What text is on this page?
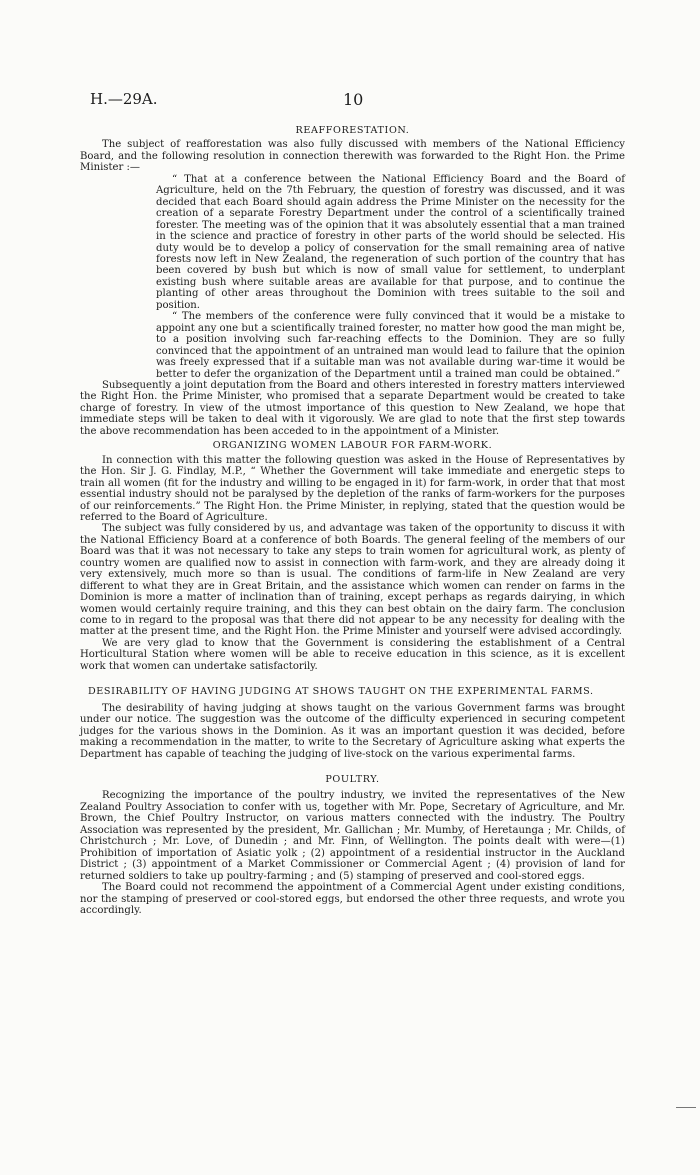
H.—29A.	10
REAFFORESTATION.

The subject of reafforestation was also fully discussed with members of the National Efficiency Board, and the following resolution in connection therewith was forwarded to the Right Hon. the Prime Minister :—

“ That at a conference between the National Efficiency Board and the Board of Agriculture, held on the 7th February, the question of forestry was discussed, and it was decided that each Board should again address the Prime Minister on the necessity for the creation of a separate Forestry Department under the control of a scientifically trained forester. The meeting was of the opinion that it was absolutely essential that a man trained in the science and practice of forestry in other parts of the world should be selected. His duty would be to develop a policy of conservation for the small remaining area of native forests now left in New Zealand, the regeneration of such portion of the country that has been covered by bush but which is now of small value for settlement, to underplant existing bush where suitable areas are available for that purpose, and to continue the planting of other areas throughout the Dominion with trees suitable to the soil and position.

“ The members of the conference were fully convinced that it would be a mistake to appoint any one but a scientifically trained forester, no matter how good the man might be, to a position involving such far-reaching effects to the Dominion. They are so fully convinced that the appointment of an untrained man would lead to failure that the opinion was freely expressed that if a suitable man was not available during war-time it would be better to defer the organization of the Department until a trained man could be obtained.”

Subsequently a joint deputation from the Board and others interested in forestry matters interviewed the Right Hon. the Prime Minister, who promised that a separate Department would be created to take charge of forestry. In view of the utmost importance of this question to New Zealand, we hope that immediate steps will be taken to deal with it vigorously. We are glad to note that the first step towards the above recommendation has been acceded to in the appointment of a Minister.

ORGANIZING WOMEN LABOUR FOR FARM-WORK.

In connection with this matter the following question was asked in the House of Representatives by the Hon. Sir J. G. Findlay, M.P., “ Whether the Government will take immediate and energetic steps to train all women (fit for the industry and willing to be engaged in it) for farm-work, in order that that most essential industry should not be paralysed by the depletion of the ranks of farm-workers for the purposes of our reinforcements.” The Right Hon. the Prime Minister, in replying, stated that the question would be referred to the Board of Agriculture.

The subject was fully considered by us, and advantage was taken of the opportunity to discuss it with the National Efficiency Board at a conference of both Boards. The general feeling of the members of our Board was that it was not necessary to take any steps to train women for agricultural work, as plenty of country women are qualified now to assist in connection with farm-work, and they are already doing it very extensively, much more so than is usual. The conditions of farm-life in New Zealand are very different to what they are in Great Britain, and the assistance which women can render on farms in the Dominion is more a matter of inclination than of training, except perhaps as regards dairying, in which women would certainly require training, and this they can best obtain on the dairy farm. The conclusion come to in regard to the proposal was that there did not appear to be any necessity for dealing with the matter at the present time, and the Right Hon. the Prime Minister and yourself were advised accordingly.

We are very glad to know that the Government is considering the establishment of a Central Horticultural Station where women will be able to receive education in this science, as it is excellent work that women can undertake satisfactorily.

DESIRABILITY OF HAVING JUDGING AT SHOWS TAUGHT ON THE EXPERIMENTAL FARMS.

The desirability of having judging at shows taught on the various Government farms was brought under our notice. The suggestion was the outcome of the difficulty experienced in securing competent judges for the various shows in the Dominion. As it was an important question it was decided, before making a recommendation in the matter, to write to the Secretary of Agriculture asking what experts the Department has capable of teaching the judging of live-stock on the various experimental farms.

POULTRY.

Recognizing the importance of the poultry industry, we invited the representatives of the New Zealand Poultry Association to confer with us, together with Mr. Pope, Secretary of Agriculture, and Mr. Brown, the Chief Poultry Instructor, on various matters connected with the industry. The Poultry Association was represented by the president, Mr. Gallichan ; Mr. Mumby, of Heretaunga ; Mr. Childs, of Christchurch ; Mr. Love, of Dunedin ; and Mr. Finn, of Wellington. The points dealt with were—(1) Prohibition of importation of Asiatic yolk ; (2) appointment of a residential instructor in the Auckland District ; (3) appointment of a Market Commissioner or Commercial Agent ; (4) provision of land for returned soldiers to take up poultry-farming ; and (5) stamping of preserved and cool-stored eggs.

The Board could not recommend the appointment of a Commercial Agent under existing conditions, nor the stamping of preserved or cool-stored eggs, but endorsed the other three requests, and wrote you accordingly.
